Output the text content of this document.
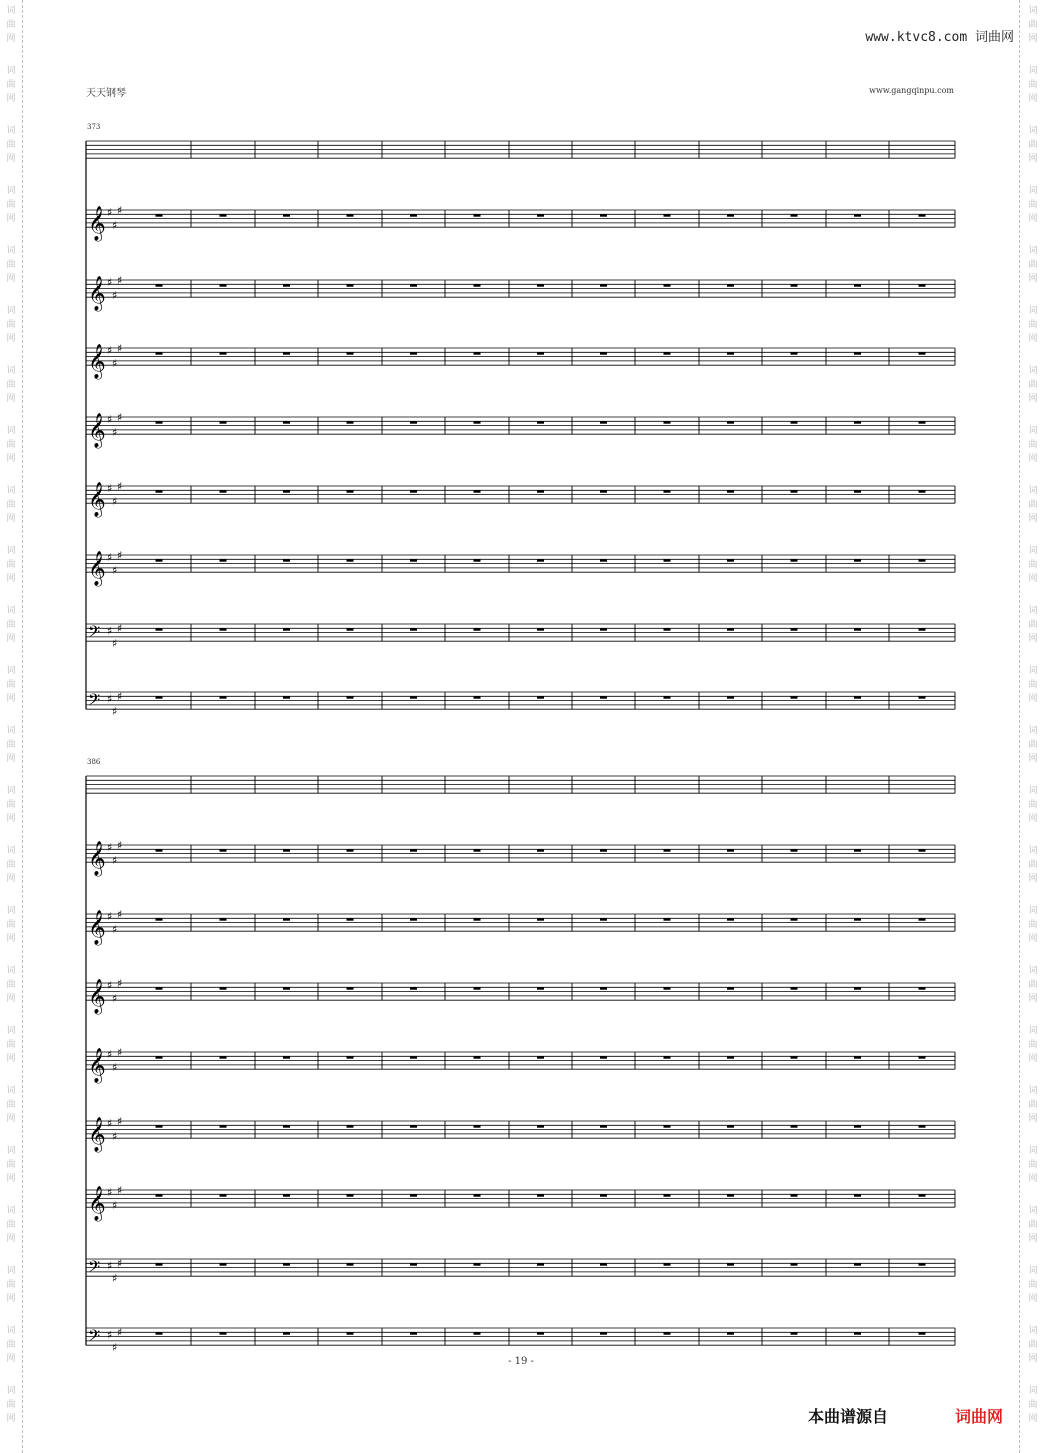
词
曲
网
词
曲
网
词
曲
网
词
曲
网
词
曲
网
词
曲
网
词
曲
网
词
曲
网
词
曲
网
词
曲
网
词
曲
网
词
曲
网
词
曲
网
词
曲
网
词
曲
网
词
曲
网
词
曲
网
词
曲
网
词
曲
网
词
曲
网
词
曲
网
词
曲
网
词
曲
网
词
曲
网
词
曲
网
词
曲
网
词
曲
网
词
曲
网
词
曲
网
词
曲
网
词
曲
网
词
曲
网
词
曲
网
词
曲
网
词
曲
网
词
曲
网
词
曲
网
词
曲
网
词
曲
网
词
曲
网
词
曲
网
词
曲
网
词
曲
网
词
曲
网
词
曲
网
词
曲
网
词
曲
网
词
曲
网
www.ktvc8.com 词曲网
天天钢琴	www.gangqinpu.com
373
386
𝄞 ♯
♯
♯
𝄞 ♯
♯
♯
𝄞 ♯
♯
♯
𝄞 ♯
♯
♯
𝄞 ♯
♯
♯
𝄞 ♯
♯
♯
𝄢 ♯
♯
♯
𝄢 ♯
♯
♯
𝄞 ♯
♯
♯
𝄞 ♯
♯
♯
𝄞 ♯
♯
♯
𝄞 ♯
♯
♯
𝄞 ♯
♯
♯
𝄞 ♯
♯
♯
𝄢 ♯
♯
♯
𝄢 ♯
♯
♯
- 19 -
本曲谱源自	词曲网
